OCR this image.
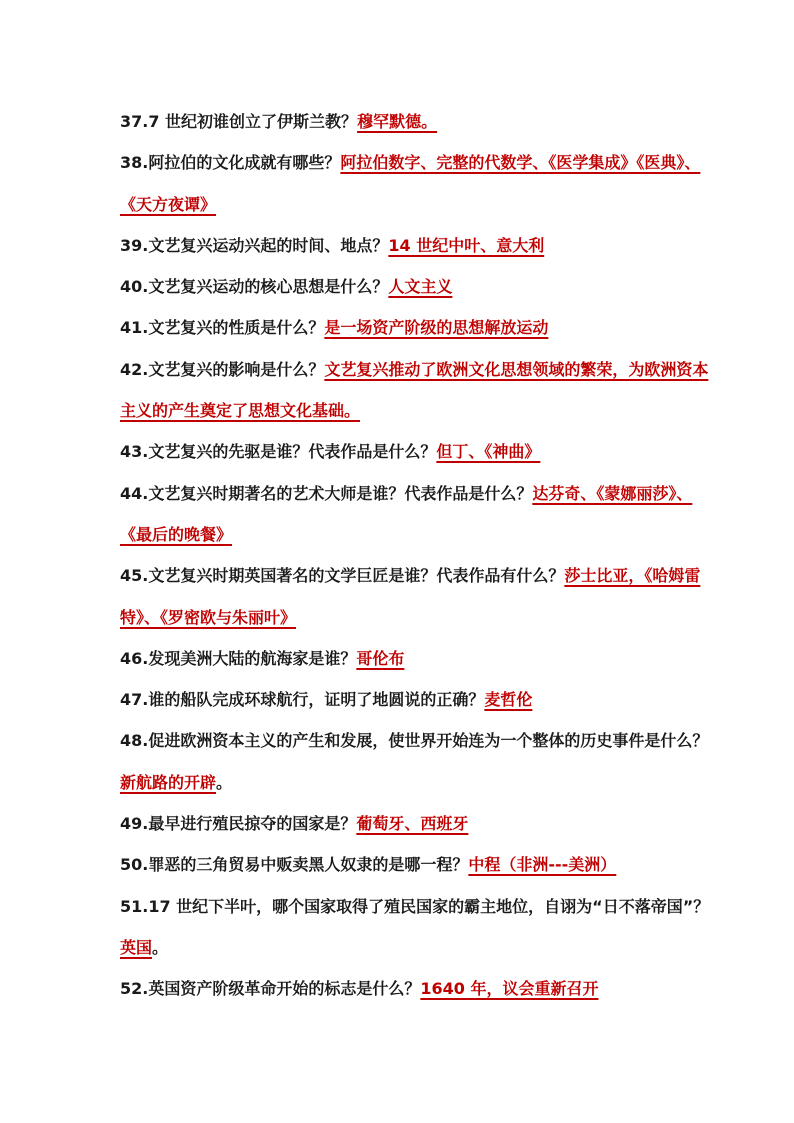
37.7 世纪初谁创立了伊斯兰教？穆罕默德。

38.阿拉伯的文化成就有哪些？阿拉伯数字、完整的代数学、《医学集成》《医典》、《天方夜谭》

39.文艺复兴运动兴起的时间、地点？14 世纪中叶、意大利

40.文艺复兴运动的核心思想是什么？人文主义

41.文艺复兴的性质是什么？是一场资产阶级的思想解放运动

42.文艺复兴的影响是什么？文艺复兴推动了欧洲文化思想领域的繁荣，为欧洲资本主义的产生奠定了思想文化基础。

43.文艺复兴的先驱是谁？代表作品是什么？但丁、《神曲》

44.文艺复兴时期著名的艺术大师是谁？代表作品是什么？达芬奇、《蒙娜丽莎》、《最后的晚餐》

45.文艺复兴时期英国著名的文学巨匠是谁？代表作品有什么？莎士比亚，《哈姆雷特》、《罗密欧与朱丽叶》

46.发现美洲大陆的航海家是谁？哥伦布

47.谁的船队完成环球航行，证明了地圆说的正确？麦哲伦

48.促进欧洲资本主义的产生和发展，使世界开始连为一个整体的历史事件是什么？新航路的开辟。

49.最早进行殖民掠夺的国家是？葡萄牙、西班牙

50.罪恶的三角贸易中贩卖黑人奴隶的是哪一程？中程（非洲---美洲）

51.17 世纪下半叶，哪个国家取得了殖民国家的霸主地位，自诩为“日不落帝国”？英国。

52.英国资产阶级革命开始的标志是什么？1640 年，议会重新召开
